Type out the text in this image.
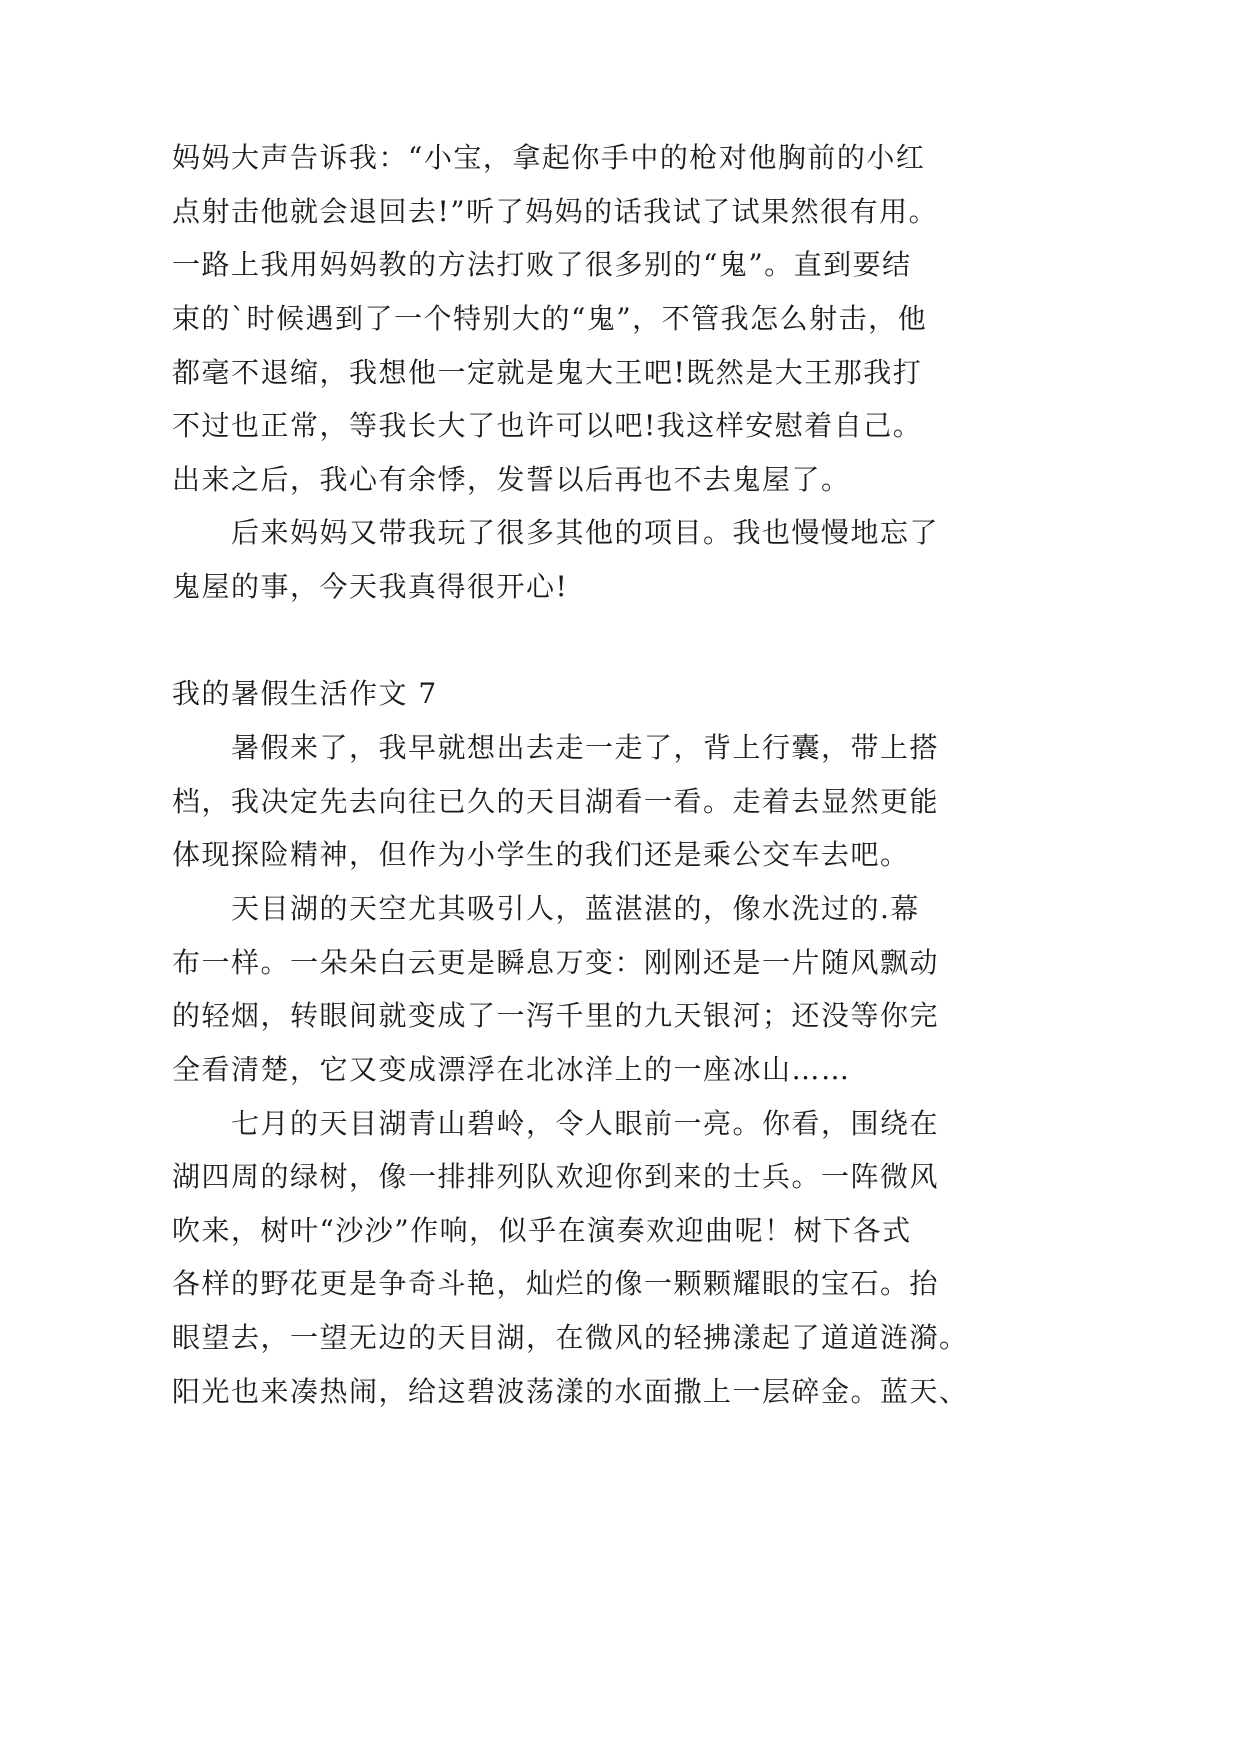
妈妈大声告诉我：“小宝，拿起你手中的枪对他胸前的小红
点射击他就会退回去!”听了妈妈的话我试了试果然很有用。
一路上我用妈妈教的方法打败了很多别的“鬼”。直到要结
束的`时候遇到了一个特别大的“鬼”，不管我怎么射击，他
都毫不退缩，我想他一定就是鬼大王吧!既然是大王那我打
不过也正常，等我长大了也许可以吧!我这样安慰着自己。
出来之后，我心有余悸，发誓以后再也不去鬼屋了。
后来妈妈又带我玩了很多其他的项目。我也慢慢地忘了
鬼屋的事，今天我真得很开心!
我的暑假生活作文 7
暑假来了，我早就想出去走一走了，背上行囊，带上搭
档，我决定先去向往已久的天目湖看一看。走着去显然更能
体现探险精神，但作为小学生的我们还是乘公交车去吧。
天目湖的天空尤其吸引人，蓝湛湛的，像水洗过的.幕
布一样。一朵朵白云更是瞬息万变：刚刚还是一片随风飘动
的轻烟，转眼间就变成了一泻千里的九天银河；还没等你完
全看清楚，它又变成漂浮在北冰洋上的一座冰山……
七月的天目湖青山碧岭，令人眼前一亮。你看，围绕在
湖四周的绿树，像一排排列队欢迎你到来的士兵。一阵微风
吹来，树叶“沙沙”作响，似乎在演奏欢迎曲呢！树下各式
各样的野花更是争奇斗艳，灿烂的像一颗颗耀眼的宝石。抬
眼望去，一望无边的天目湖，在微风的轻拂漾起了道道涟漪。
阳光也来凑热闹，给这碧波荡漾的水面撒上一层碎金。蓝天、
